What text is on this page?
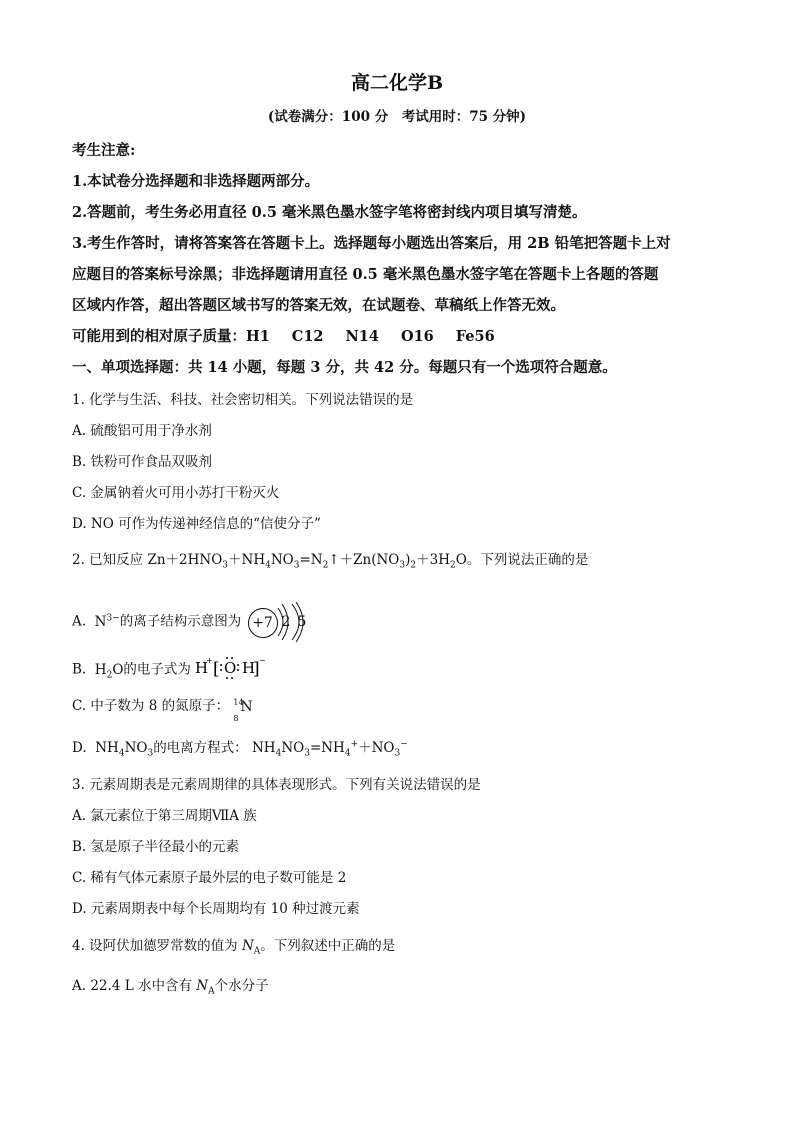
高二化学B
(试卷满分：100 分　考试用时：75 分钟)
考生注意:
1.本试卷分选择题和非选择题两部分。
2.答题前，考生务必用直径 0.5 毫米黑色墨水签字笔将密封线内项目填写清楚。
3.考生作答时，请将答案答在答题卡上。选择题每小题选出答案后，用 2B 铅笔把答题卡上对
应题目的答案标号涂黑；非选择题请用直径 0.5 毫米黑色墨水签字笔在答题卡上各题的答题
区域内作答，超出答题区域书写的答案无效，在试题卷、草稿纸上作答无效。
可能用到的相对原子质量：H1 C12 N14 O16 Fe56
一、单项选择题：共 14 小题，每题 3 分，共 42 分。每题只有一个选项符合题意。
1. 化学与生活、科技、社会密切相关。下列说法错误的是
A. 硫酸铝可用于净水剂
B. 铁粉可作食品双吸剂
C. 金属钠着火可用小苏打干粉灭火
D. NO 可作为传递神经信息的“信使分子”
2. 已知反应 $Zn+2HNO_3+NH_4NO_3=N_2↑+Zn(NO_3)_2+3H_2O$。下列说法正确的是
A.  $N^{3-}$的离子结构示意图为 +7 2 5
B.  $H_2O$的电子式为 H
+ [ O H
] −
C. 中子数为 8 的氮原子： 14
8
N
D.  $NH_4NO_3$的电离方程式： $NH_4NO_3=NH_4^++NO_3^-$
3. 元素周期表是元素周期律的具体表现形式。下列有关说法错误的是
A. 氯元素位于第三周期ⅦA 族
B. 氢是原子半径最小的元素
C. 稀有气体元素原子最外层的电子数可能是 2
D. 元素周期表中每个长周期均有 10 种过渡元素
4. 设阿伏加德罗常数的值为 $N_A$。下列叙述中正确的是
A. 22.4 L 水中含有 $N_A$个水分子
